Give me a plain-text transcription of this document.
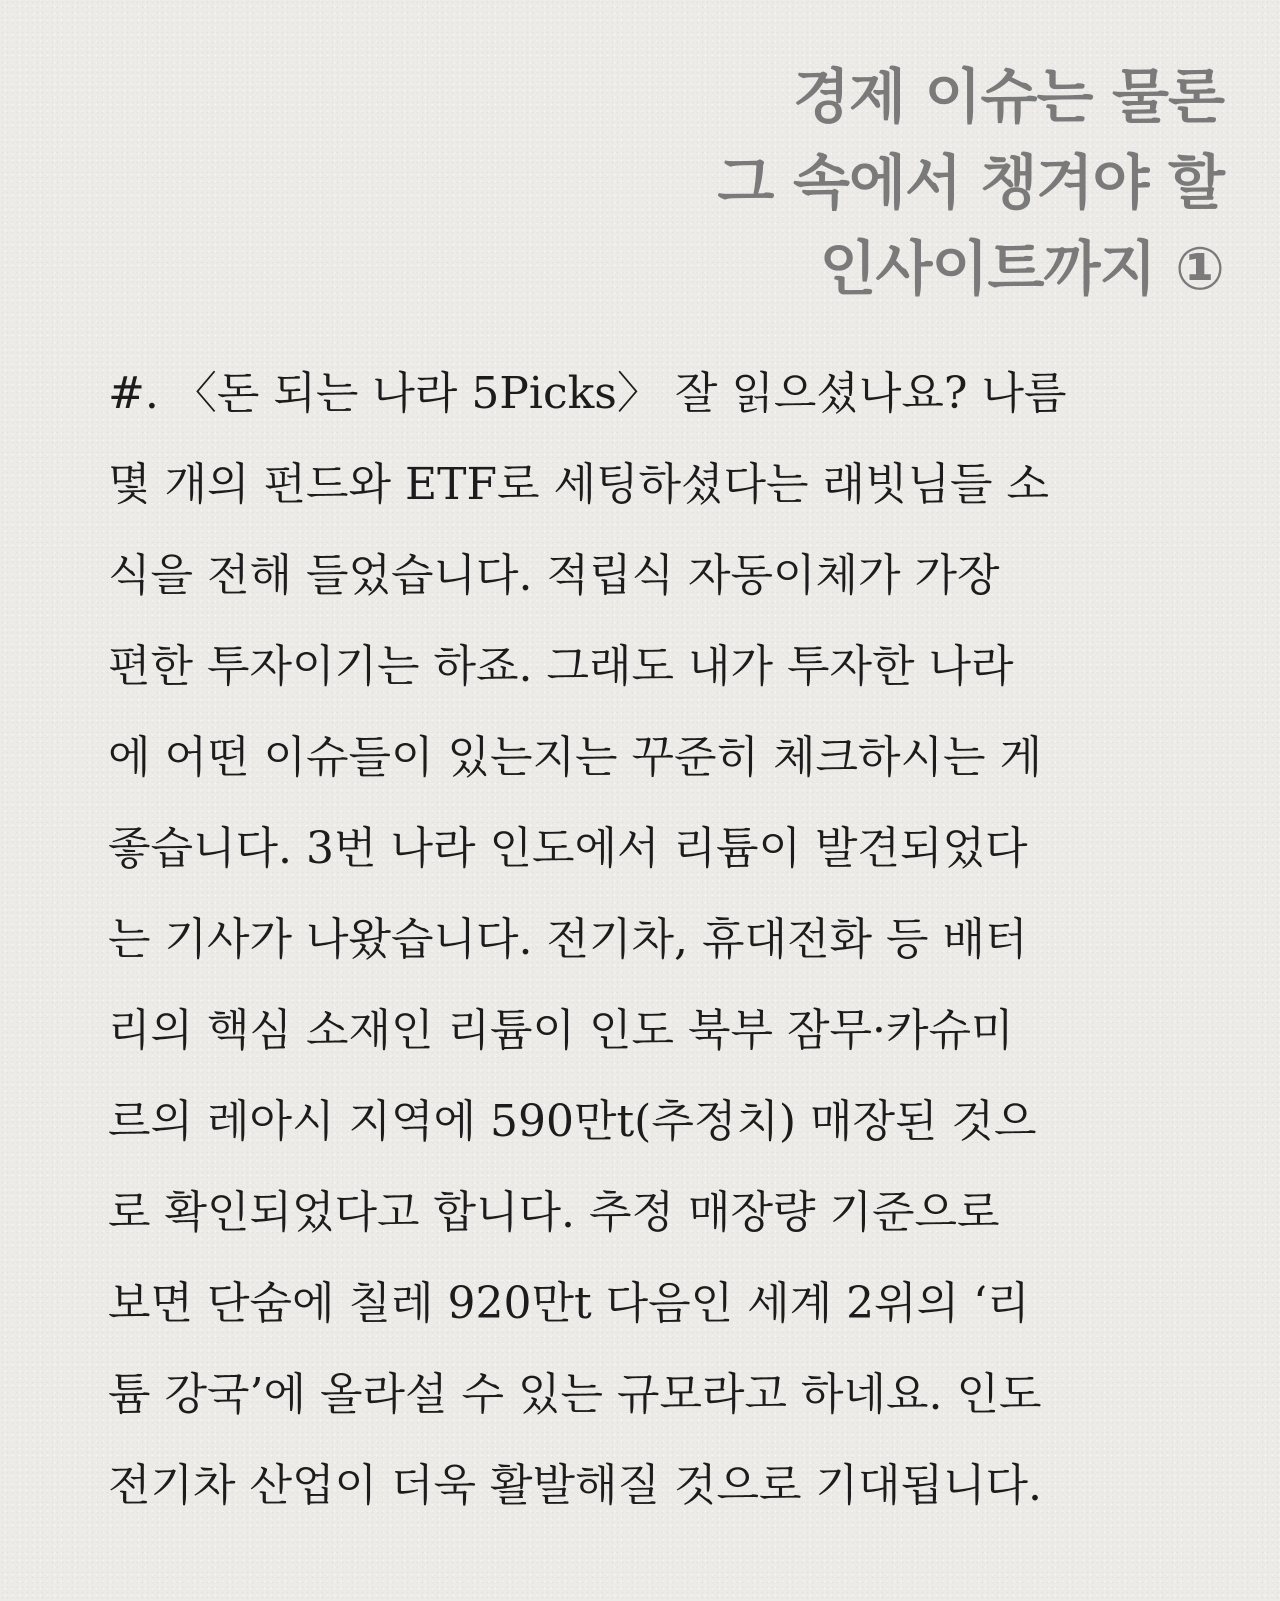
경제 이슈는 물론
그 속에서 챙겨야 할
인사이트까지 ①
#. 〈돈 되는 나라 5Picks〉 잘 읽으셨나요? 나름
몇 개의 펀드와 ETF로 세팅하셨다는 래빗님들 소
식을 전해 들었습니다. 적립식 자동이체가 가장
편한 투자이기는 하죠. 그래도 내가 투자한 나라
에 어떤 이슈들이 있는지는 꾸준히 체크하시는 게
좋습니다. 3번 나라 인도에서 리튬이 발견되었다
는 기사가 나왔습니다. 전기차, 휴대전화 등 배터
리의 핵심 소재인 리튬이 인도 북부 잠무·카슈미
르의 레아시 지역에 590만t(추정치) 매장된 것으
로 확인되었다고 합니다. 추정 매장량 기준으로
보면 단숨에 칠레 920만t 다음인 세계 2위의 ‘리
튬 강국’에 올라설 수 있는 규모라고 하네요. 인도
전기차 산업이 더욱 활발해질 것으로 기대됩니다.
